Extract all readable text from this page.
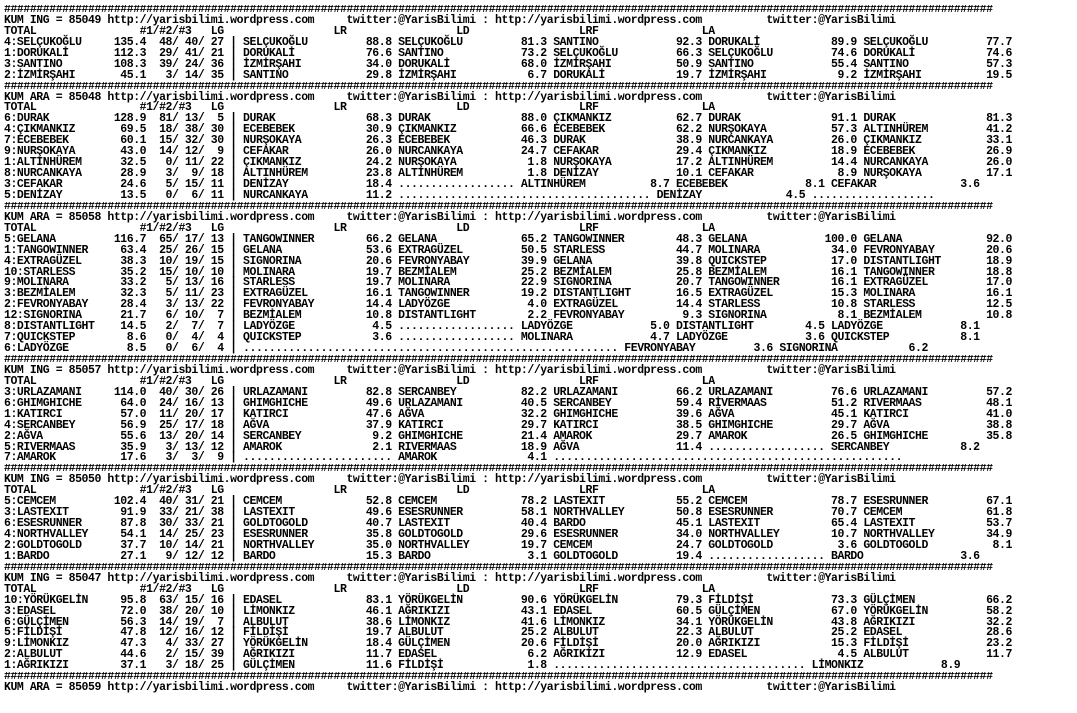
#########################################################################################################################################################
KUM ING = 85049 http://yarisbilimi.wordpress.com     twitter:@YarisBilimi : http://yarisbilimi.wordpress.com          twitter:@YarisBilimi
TOTAL                #1/#2/#3   LG                 LR                 LD                 LRF                LA
4:SELÇUKOĞLU     135.4  48/ 40/ 27 | SELÇUKOĞLU         88.8 SELÇUKOĞLU         81.3 SANTINO            92.3 DORUKALİ           89.9 SELÇUKOĞLU         77.7
1:DORUKALİ       112.3  29/ 41/ 21 | DORUKALİ           76.6 SANTINO            73.2 SELÇUKOĞLU         66.3 SELÇUKOĞLU         74.6 DORUKALİ           74.6
3:SANTINO        108.3  39/ 24/ 36 | İZMİRŞAHI          34.0 DORUKALİ           68.0 İZMİRŞAHI          50.9 SANTINO            55.4 SANTINO            57.3
2:İZMİRŞAHI       45.1   3/ 14/ 35 | SANTINO            29.8 İZMİRŞAHI           6.7 DORUKALİ           19.7 İZMİRŞAHI           9.2 İZMİRŞAHI          19.5
#########################################################################################################################################################
KUM ARA = 85048 http://yarisbilimi.wordpress.com     twitter:@YarisBilimi : http://yarisbilimi.wordpress.com          twitter:@YarisBilimi
TOTAL                #1/#2/#3   LG                 LR                 LD                 LRF                LA
6:DURAK          128.9  81/ 13/  5 | DURAK              68.3 DURAK              88.0 ÇIKMANKIZ          62.7 DURAK              91.1 DURAK              81.3
4:ÇIKMANKIZ       69.5  18/ 38/ 30 | ECEBEBEK           30.9 ÇIKMANKIZ          66.6 ECEBEBEK           62.2 NURŞOKAYA          57.3 ALTINHÜREM         41.2
7:ECEBEBEK        60.1  15/ 32/ 30 | NURŞOKAYA          26.3 ECEBEBEK           46.3 DURAK              38.9 NURCANKAYA         26.0 ÇIKMANKIZ          33.1
9:NURŞOKAYA       43.0  14/ 12/  9 | CEFAKAR            26.0 NURCANKAYA         24.7 CEFAKAR            29.4 ÇIKMANKIZ          18.9 ECEBEBEK           26.9
1:ALTINHÜREM      32.5   0/ 11/ 22 | ÇIKMANKIZ          24.2 NURŞOKAYA           1.8 NURŞOKAYA          17.2 ALTINHÜREM         14.4 NURCANKAYA         26.0
8:NURCANKAYA      28.9   3/  9/ 18 | ALTINHÜREM         23.8 ALTINHÜREM          1.8 DENİZAY            10.1 CEFAKAR             8.9 NURŞOKAYA          17.1
3:CEFAKAR         24.6   5/ 15/ 11 | DENİZAY            18.4 .................. ALTINHÜREM          8.7 ECEBEBEK            8.1 CEFAKAR             3.6
5:DENİZAY         13.5   0/  6/ 11 | NURCANKAYA         11.2 ....................................... DENİZAY             4.5 ...................
#########################################################################################################################################################
KUM ARA = 85058 http://yarisbilimi.wordpress.com     twitter:@YarisBilimi : http://yarisbilimi.wordpress.com          twitter:@YarisBilimi
TOTAL                #1/#2/#3   LG                 LR                 LD                 LRF                LA
5:GELANA         116.7  65/ 17/ 13 | TANGOWINNER        66.2 GELANA             65.2 TANGOWINNER        48.3 GELANA            100.0 GELANA             92.0
1:TANGOWINNER     63.4  25/ 26/ 15 | GELANA             53.6 EXTRAGÜZEL         50.5 STARLESS           44.7 MOLINARA           34.0 FEVRONYABAY        20.6
4:EXTRAGÜZEL      38.3  10/ 19/ 15 | SIGNORINA          20.6 FEVRONYABAY        39.9 GELANA             39.8 QUICKSTEP          17.0 DISTANTLIGHT       18.9
10:STARLESS       35.2  15/ 10/ 10 | MOLINARA           19.7 BEZMİALEM          25.2 BEZMİALEM          25.8 BEZMİALEM          16.1 TANGOWINNER        18.8
9:MOLINARA        33.2   5/ 13/ 16 | STARLESS           19.7 MOLINARA           22.9 SIGNORINA          20.7 TANGOWINNER        16.1 EXTRAGÜZEL         17.0
3:BEZMİALEM       32.3   5/ 11/ 23 | EXTRAGÜZEL         16.1 TANGOWINNER        19.2 DISTANTLIGHT       16.5 EXTRAGÜZEL         15.3 MOLINARA           16.1
2:FEVRONYABAY     28.4   3/ 13/ 22 | FEVRONYABAY        14.4 LADYÖZGE            4.0 EXTRAGÜZEL         14.4 STARLESS           10.8 STARLESS           12.5
12:SIGNORINA      21.7   6/ 10/  7 | BEZMİALEM          10.8 DISTANTLIGHT        2.2 FEVRONYABAY         9.3 SIGNORINA           8.1 BEZMİALEM          10.8
8:DISTANTLIGHT    14.5   2/  7/  7 | LADYÖZGE            4.5 .................. LADYÖZGE            5.0 DISTANTLIGHT        4.5 LADYÖZGE            8.1
7:QUICKSTEP        8.6   0/  4/  4 | QUICKSTEP           3.6 .................. MOLINARA            4.7 LADYÖZGE            3.6 QUICKSTEP           8.1
6:LADYÖZGE         8.5   0/  6/  4 | .......................................................... FEVRONYABAY         3.6 SIGNORINA           6.2
#########################################################################################################################################################
KUM ING = 85057 http://yarisbilimi.wordpress.com     twitter:@YarisBilimi : http://yarisbilimi.wordpress.com          twitter:@YarisBilimi
TOTAL                #1/#2/#3   LG                 LR                 LD                 LRF                LA
3:URLAZAMANI     114.0  40/ 30/ 26 | URLAZAMANI         82.8 SERCANBEY          82.2 URLAZAMANI         66.2 URLAZAMANI         76.6 URLAZAMANI         57.2
6:GHIMGHICHE      64.0  24/ 16/ 13 | GHIMGHICHE         49.6 URLAZAMANI         40.5 SERCANBEY          59.4 RİVERMAAS          51.2 RIVERMAAS          48.1
1:KATIRCI         57.0  11/ 20/ 17 | KATIRCI            47.6 AĞVA               32.2 GHIMGHICHE         39.6 AĞVA               45.1 KATIRCI            41.0
4:SERCANBEY       56.9  25/ 17/ 18 | AĞVA               37.9 KATIRCI            29.7 KATIRCI            38.5 GHIMGHICHE         29.7 AĞVA               38.8
2:AĞVA            55.6  13/ 20/ 14 | SERCANBEY           9.2 GHIMGHICHE         21.4 AMAROK             29.7 AMAROK             26.5 GHIMGHICHE         35.8
5:RIVERMAAS       35.9   3/ 13/ 12 | AMAROK              2.1 RIVERMAAS          18.9 AĞVA               11.4 .................. SERCANBEY           8.2
7:AMAROK          17.6   3/  3/  9 | ....................... AMAROK              4.1 ......................................................
#########################################################################################################################################################
KUM ING = 85050 http://yarisbilimi.wordpress.com     twitter:@YarisBilimi : http://yarisbilimi.wordpress.com          twitter:@YarisBilimi
TOTAL                #1/#2/#3   LG                 LR                 LD                 LRF                LA
5:CEMCEM         102.4  40/ 31/ 21 | CEMCEM             52.8 CEMCEM             78.2 LASTEXIT           55.2 CEMCEM             78.7 ESESRUNNER         67.1
3:LASTEXIT        91.9  33/ 21/ 38 | LASTEXIT           49.6 ESESRUNNER         58.1 NORTHVALLEY        50.8 ESESRUNNER         70.7 CEMCEM             61.8
6:ESESRUNNER      87.8  30/ 33/ 21 | GOLDTOGOLD         40.7 LASTEXIT           40.4 BARDO              45.1 LASTEXIT           65.4 LASTEXIT           53.7
4:NORTHVALLEY     54.1  14/ 25/ 23 | ESESRUNNER         35.8 GOLDTOGOLD         29.6 ESESRUNNER         34.0 NORTHVALLEY        10.7 NORTHVALLEY        34.9
2:GOLDTOGOLD      37.7  10/ 14/ 21 | NORTHVALLEY        35.0 NORTHVALLEY        19.7 CEMCEM             24.7 GOLDTOGOLD          3.6 GOLDTOGOLD          8.1
1:BARDO           27.1   9/ 12/ 12 | BARDO              15.3 BARDO               3.1 GOLDTOGOLD         19.4 .................. BARDO               3.6
#########################################################################################################################################################
KUM ING = 85047 http://yarisbilimi.wordpress.com     twitter:@YarisBilimi : http://yarisbilimi.wordpress.com          twitter:@YarisBilimi
TOTAL                #1/#2/#3   LG                 LR                 LD                 LRF                LA
10:YÖRÜKGELİN     95.8  63/ 15/ 16 | EDASEL             83.1 YÖRÜKGELİN         90.6 YÖRÜKGELİN         79.3 FİLDİŞİ            73.3 GÜLÇİMEN           66.2
3:EDASEL          72.0  38/ 20/ 10 | LİMONKIZ           46.1 AĞRIKIZI           43.1 EDASEL             60.5 GÜLÇİMEN           67.0 YÖRÜKGELİN         58.2
6:GÜLÇİMEN        56.3  14/ 19/  7 | ALBULUT            38.6 LİMONKIZ           41.6 LİMONKIZ           34.1 YÖRÜKGELİN         43.8 AĞRIKIZI           32.2
5:FİLDİŞİ         47.8  12/ 16/ 12 | FİLDİŞİ            19.7 ALBULUT            25.2 ALBULUT            22.3 ALBULUT            25.2 EDASEL             28.6
9:LİMONKIZ        47.3   4/ 33/ 27 | YÖRÜKGELİN         18.4 GÜLÇİMEN           20.6 FİLDİŞİ            20.0 AĞRIKIZI           15.3 FİLDİŞİ            23.2
2:ALBULUT         44.6   2/ 15/ 39 | AĞRIKIZI           11.7 EDASEL              6.2 AĞRIKIZI           12.9 EDASEL              4.5 ALBULUT            11.7
1:AĞRIKIZI        37.1   3/ 18/ 25 | GÜLÇİMEN           11.6 FİLDİŞİ             1.8 ....................................... LİMONKIZ            8.9
#########################################################################################################################################################
KUM ARA = 85059 http://yarisbilimi.wordpress.com     twitter:@YarisBilimi : http://yarisbilimi.wordpress.com          twitter:@YarisBilimi
